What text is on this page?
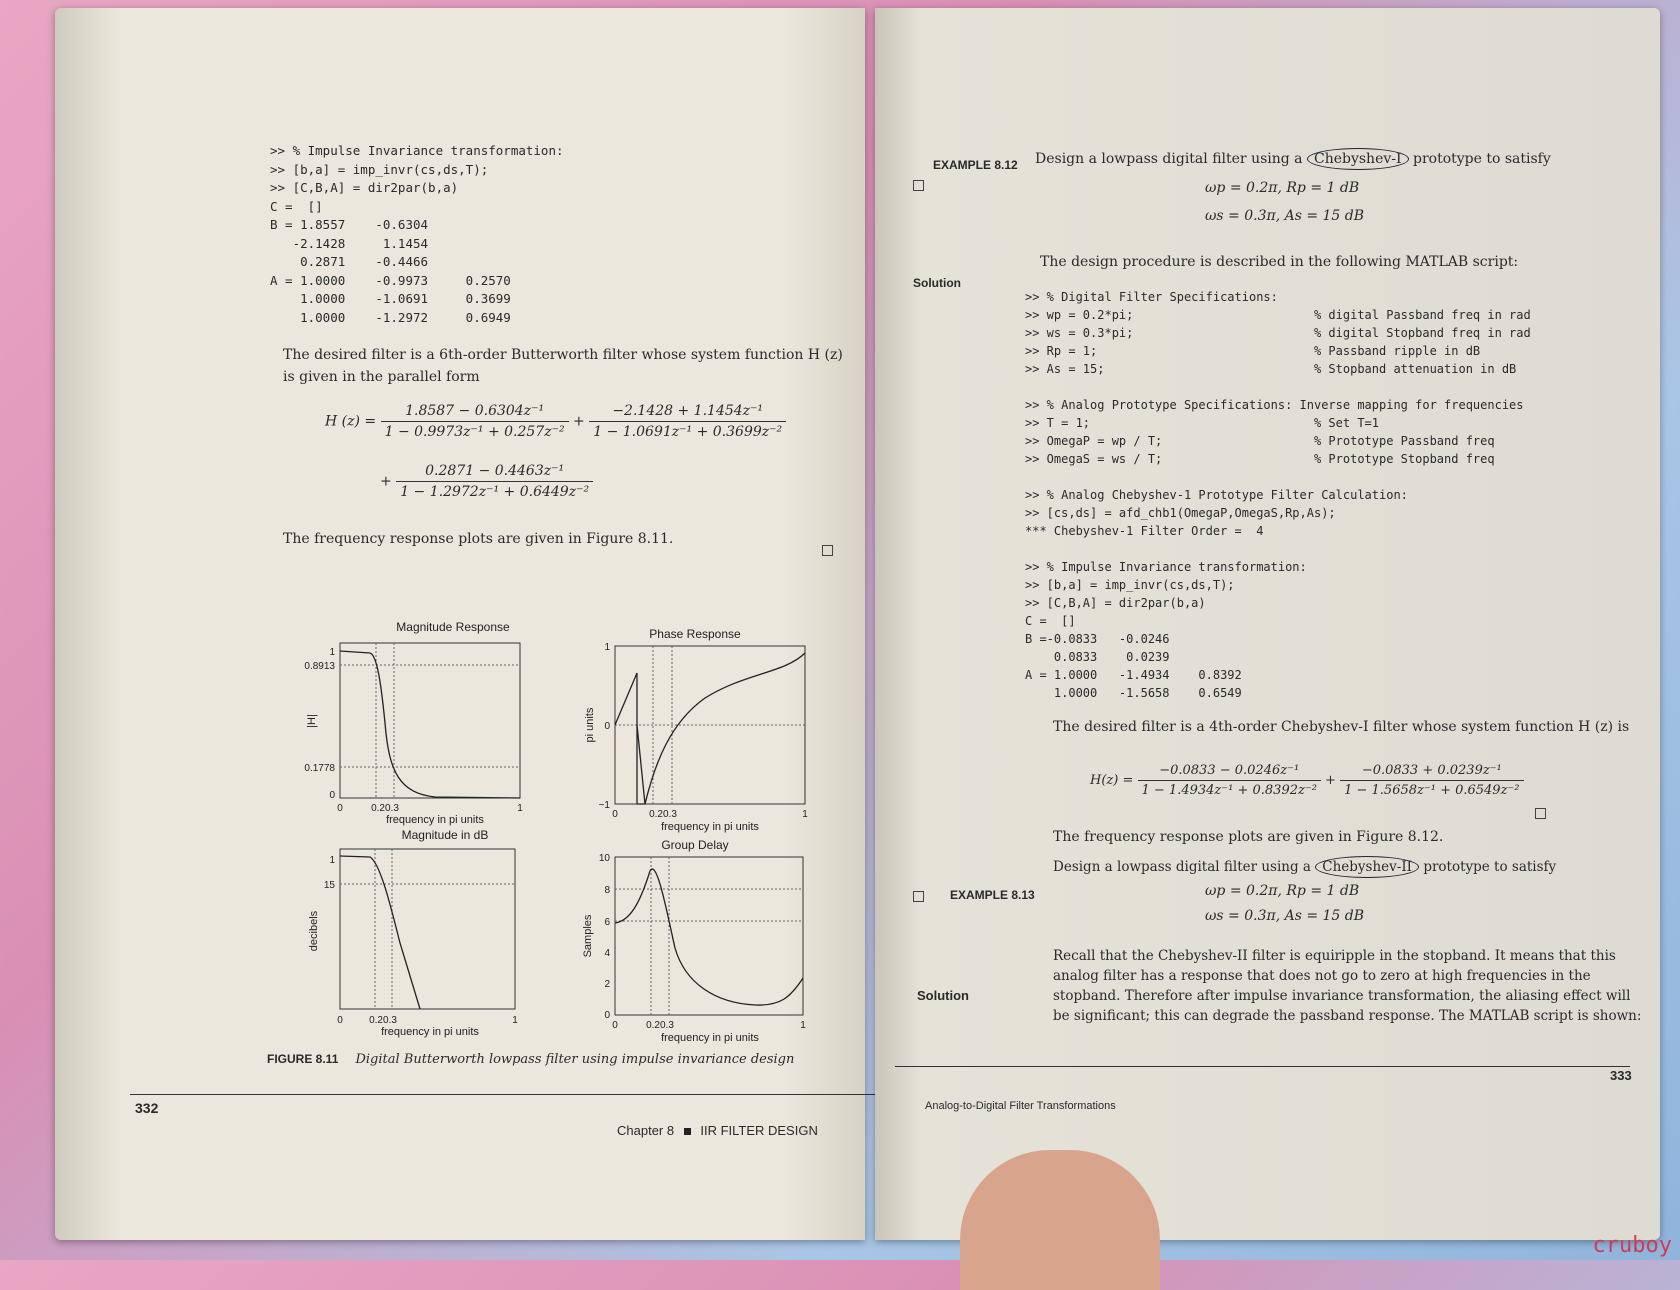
>> % Impulse Invariance transformation:
>> [b,a] = imp_invr(cs,ds,T);
>> [C,B,A] = dir2par(b,a)
C =  []
B = 1.8557    -0.6304
-2.1428     1.1454
0.2871    -0.4466
A = 1.0000    -0.9973     0.2570
1.0000    -1.0691     0.3699
1.0000    -1.2972     0.6949
The desired filter is a 6th-order Butterworth filter whose system function H (z) is given in the parallel form
H $(z) = \frac{\text{1.8587 − 0.6304z⁻¹}}{\text{1 − 0.9973z⁻¹ + 0.257z⁻²}} + \frac{\text{−2.1428 + 1.1454z⁻¹}}{\text{1 − 1.0691z⁻¹ + 0.3699z⁻²}}$
+ $\frac{\text{0.2871 − 0.4463z⁻¹}}{\text{1 − 1.2972z⁻¹ + 0.6449z⁻²}}$
The frequency response plots are given in Figure 8.11.
Magnitude Response
1
0.8913
0.1778
0
|H|
0	0.20.3	1
frequency in pi units
Phase Response
1
0
−1
pi units
0	0.20.3	1
frequency in pi units
Magnitude in dB
1
15
decibels
0	0.20.3	1
frequency in pi units
Group Delay
10
8
6
4
2
0
Samples
0	0.20.3	1
frequency in pi units
FIGURE 8.11 Digital Butterworth lowpass filter using impulse invariance design
332
Chapter 8 IIR FILTER DESIGN
EXAMPLE 8.12 Design a lowpass digital filter using a Chebyshev-I prototype to satisfy
ωp = 0.2π, Rp = 1 dB
ωs = 0.3π, As = 15 dB
Solution
The design procedure is described in the following MATLAB script:
>> % Digital Filter Specifications:
>> wp = 0.2*pi;                         % digital Passband freq in rad
>> ws = 0.3*pi;                         % digital Stopband freq in rad
>> Rp = 1;                              % Passband ripple in dB
>> As = 15;                             % Stopband attenuation in dB

>> % Analog Prototype Specifications: Inverse mapping for frequencies
>> T = 1;                               % Set T=1
>> OmegaP = wp / T;                     % Prototype Passband freq
>> OmegaS = ws / T;                     % Prototype Stopband freq

>> % Analog Chebyshev-1 Prototype Filter Calculation:
>> [cs,ds] = afd_chb1(OmegaP,OmegaS,Rp,As);
*** Chebyshev-1 Filter Order =  4

>> % Impulse Invariance transformation:
>> [b,a] = imp_invr(cs,ds,T);
>> [C,B,A] = dir2par(b,a)
C =  []
B =-0.0833   -0.0246
0.0833    0.0239
A = 1.0000   -1.4934    0.8392
1.0000   -1.5658    0.6549
The desired filter is a 4th-order Chebyshev-I filter whose system function H (z) is
$H(z) = \frac{\text{−0.0833 − 0.0246z⁻¹}}{\text{1 − 1.4934z⁻¹ + 0.8392z⁻²}} + \frac{\text{−0.0833 + 0.0239z⁻¹}}{\text{1 − 1.5658z⁻¹ + 0.6549z⁻²}}$
The frequency response plots are given in Figure 8.12.
EXAMPLE 8.13
Design a lowpass digital filter using a Chebyshev-II prototype to satisfy
ωp = 0.2π, Rp = 1 dB
ωs = 0.3π, As = 15 dB
Solution
Recall that the Chebyshev-II filter is equiripple in the stopband. It means that this analog filter has a response that does not go to zero at high frequencies in the stopband. Therefore after impulse invariance transformation, the aliasing effect will be significant; this can degrade the passband response. The MATLAB script is shown:
333
Analog-to-Digital Filter Transformations
cruboy
